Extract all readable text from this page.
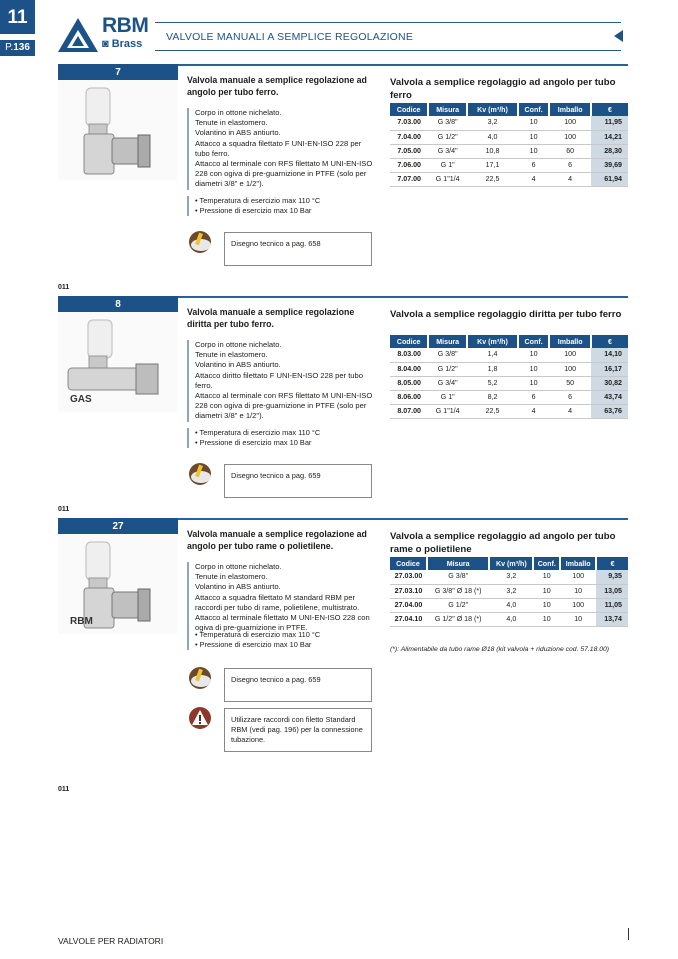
11
P.136
RBM
◙ Brass
VALVOLE MANUALI A SEMPLICE REGOLAZIONE
7
Valvola manuale a semplice regolazione ad angolo per tubo ferro.
Corpo in ottone nichelato.
Tenute in elastomero.
Volantino in ABS antiurto.
Attacco a squadra filettato F UNI-EN-ISO 228 per tubo ferro.
Attacco al terminale con RFS filettato M UNI-EN-ISO 228 con ogiva di pre-guarnizione in PTFE (solo per diametri 3/8" e 1/2").
• Temperatura di esercizio max 110 °C
• Pressione di esercizio max 10 Bar
Disegno tecnico a pag. 658
Valvola a semplice regolaggio ad angolo per tubo ferro
Codice	Misura	Kv (m³/h)	Conf.	Imballo	€
7.03.00	G 3/8"	3,2	10	100	11,95
7.04.00	G 1/2"	4,0	10	100	14,21
7.05.00	G 3/4"	10,8	10	60	28,30
7.06.00	G 1"	17,1	6	6	39,69
7.07.00	G 1"1/4	22,5	4	4	61,94
011
8
GAS
Valvola manuale a semplice regolazione diritta per tubo ferro.
Corpo in ottone nichelato.
Tenute in elastomero.
Volantino in ABS antiurto.
Attacco diritto filettato F UNI-EN-ISO 228 per tubo ferro.
Attacco al terminale con RFS filettato M UNI-EN-ISO 228 con ogiva di pre-guarnizione in PTFE (solo per diametri 3/8" e 1/2").
• Temperatura di esercizio max 110 °C
• Pressione di esercizio max 10 Bar
Disegno tecnico a pag. 659
Valvola a semplice regolaggio diritta per tubo ferro
Codice	Misura	Kv (m³/h)	Conf.	Imballo	€
8.03.00	G 3/8"	1,4	10	100	14,10
8.04.00	G 1/2"	1,8	10	100	16,17
8.05.00	G 3/4"	5,2	10	50	30,82
8.06.00	G 1"	8,2	6	6	43,74
8.07.00	G 1"1/4	22,5	4	4	63,76
011
27
RBM
Valvola manuale a semplice regolazione ad angolo per tubo rame o polietilene.
Corpo in ottone nichelato.
Tenute in elastomero.
Volantino in ABS antiurto.
Attacco a squadra filettato M standard RBM per raccordi per tubo di rame, polietilene, multistrato.
Attacco al terminale filettato M UNI-EN-ISO 228 con ogiva di pre-guarnizione in PTFE.
• Temperatura di esercizio max 110 °C
• Pressione di esercizio max 10 Bar
Disegno tecnico a pag. 659
Utilizzare raccordi con filetto Standard RBM (vedi pag. 196) per la connessione tubazione.
Valvola a semplice regolaggio ad angolo per tubo rame o polietilene
Codice	Misura	Kv (m³/h)	Conf.	Imballo	€
27.03.00	G 3/8"	3,2	10	100	9,35
27.03.10	G 3/8" Ø 18 (*)	3,2	10	10	13,05
27.04.00	G 1/2"	4,0	10	100	11,05
27.04.10	G 1/2" Ø 18 (*)	4,0	10	10	13,74
(*): Alimentabile da tubo rame Ø18 (kit valvola + riduzione cod. 57.18.00)
011
VALVOLE PER RADIATORI
